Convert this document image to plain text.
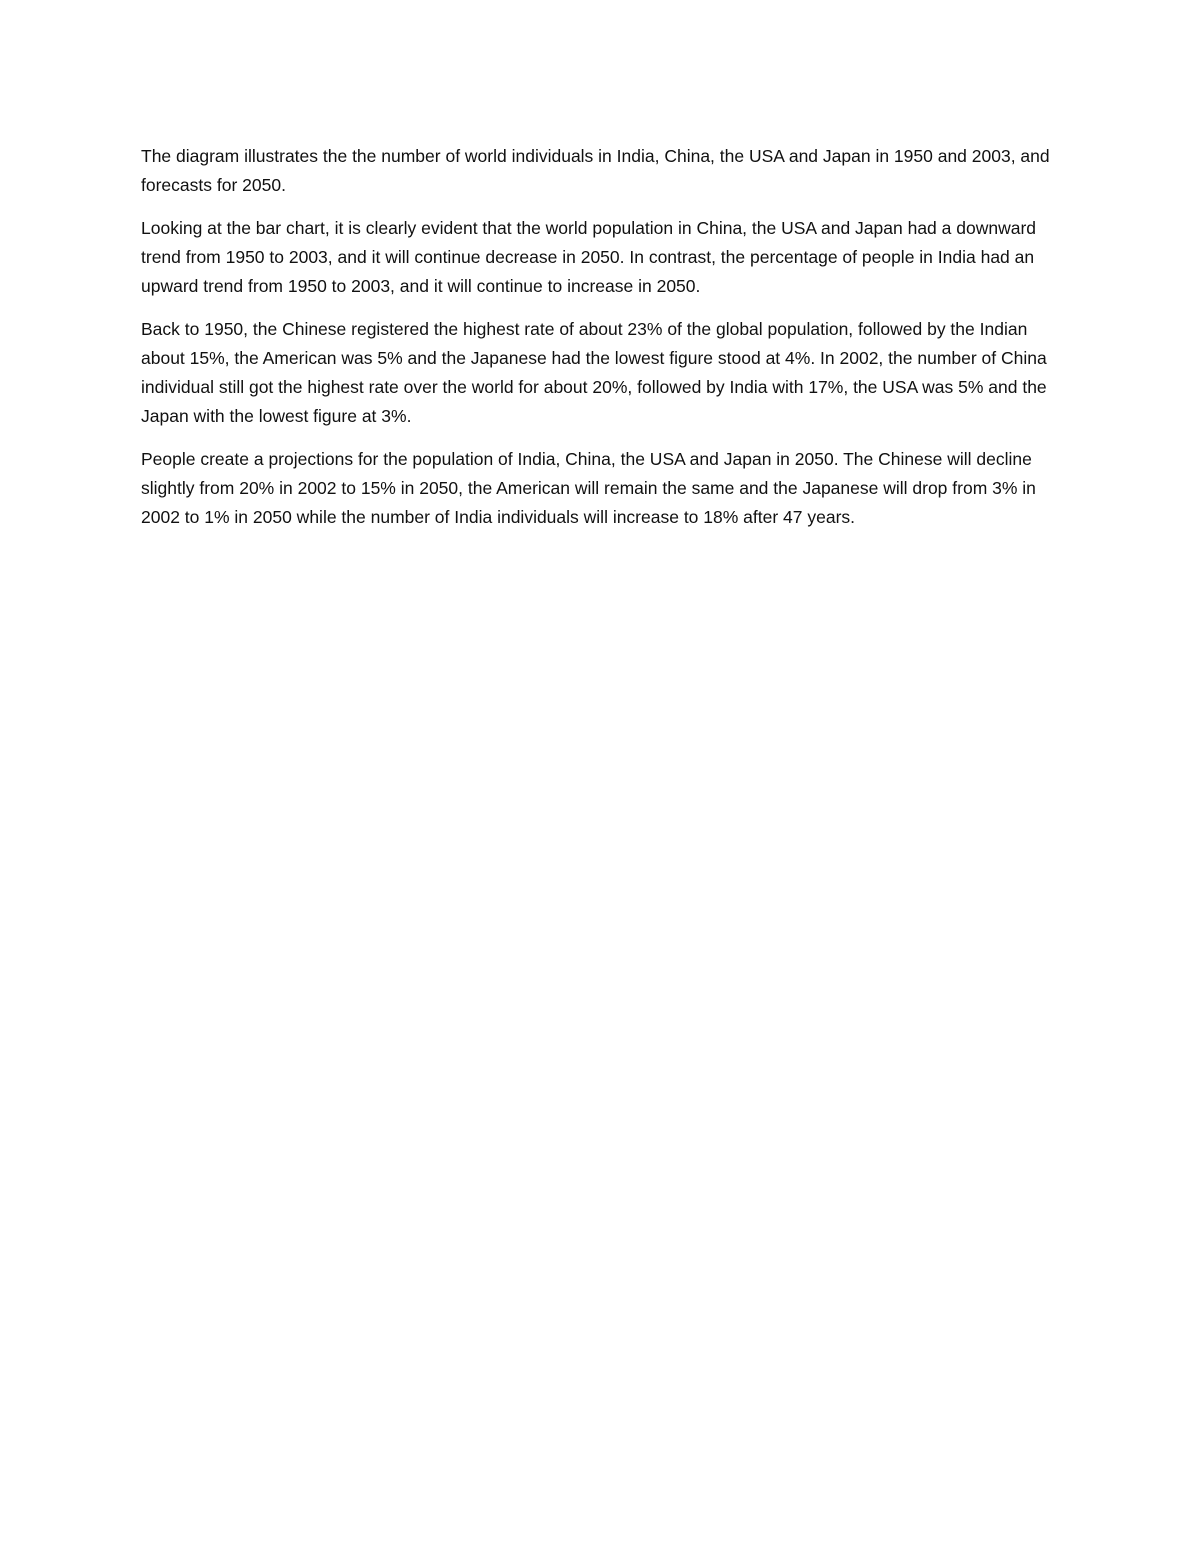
The diagram illustrates the the number of world individuals in India, China, the USA and Japan in 1950 and 2003, and forecasts for 2050.

Looking at the bar chart, it is clearly evident that the world population in China, the USA and Japan had a downward trend from 1950 to 2003, and it will continue decrease in 2050. In contrast, the percentage of people in India had an upward trend from 1950 to 2003, and it will continue to increase in 2050.

Back to 1950, the Chinese registered the highest rate of about 23% of the global population, followed by the Indian about 15%, the American was 5% and the Japanese had the lowest figure stood at 4%. In 2002, the number of China individual still got the highest rate over the world for about 20%, followed by India with 17%, the USA was 5% and the Japan with the lowest figure at 3%.

People create a projections for the population of India, China, the USA and Japan in 2050. The Chinese will decline slightly from 20% in 2002 to 15% in 2050, the American will remain the same and the Japanese will drop from 3% in 2002 to 1% in 2050 while the number of India individuals will increase to 18% after 47 years.
